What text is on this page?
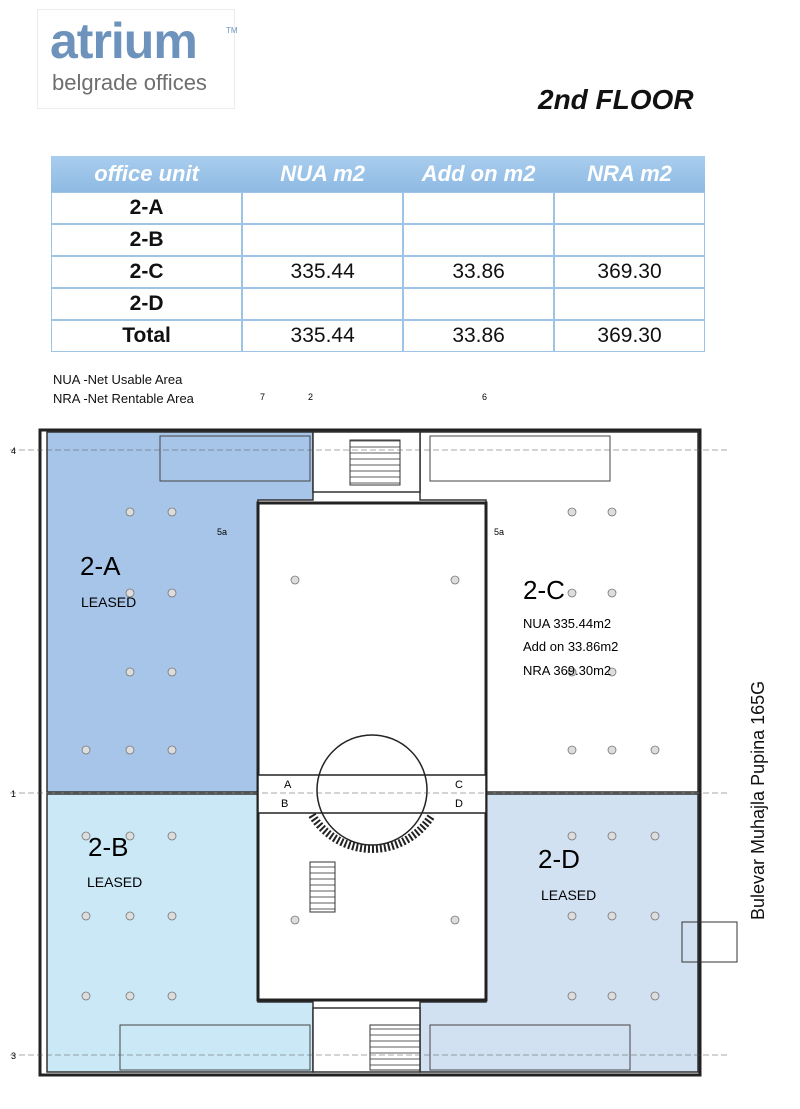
atrium	TM
belgrade offices
2nd FLOOR
office unit	NUA m2	Add on m2	NRA m2
2-A			
2-B			
2-C	335.44	33.86	369.30
2-D			
Total	335.44	33.86	369.30
NUA -Net Usable Area
NRA -Net Rentable Area
4
1
3
7	2	6
5a	5a
A
B
C
D
2-A
LEASED
2-B
LEASED
2-C
NUA 335.44m2
Add on 33.86m2
NRA 369.30m2
2-D
LEASED	Bulevar Muhajla Pupina 165G
